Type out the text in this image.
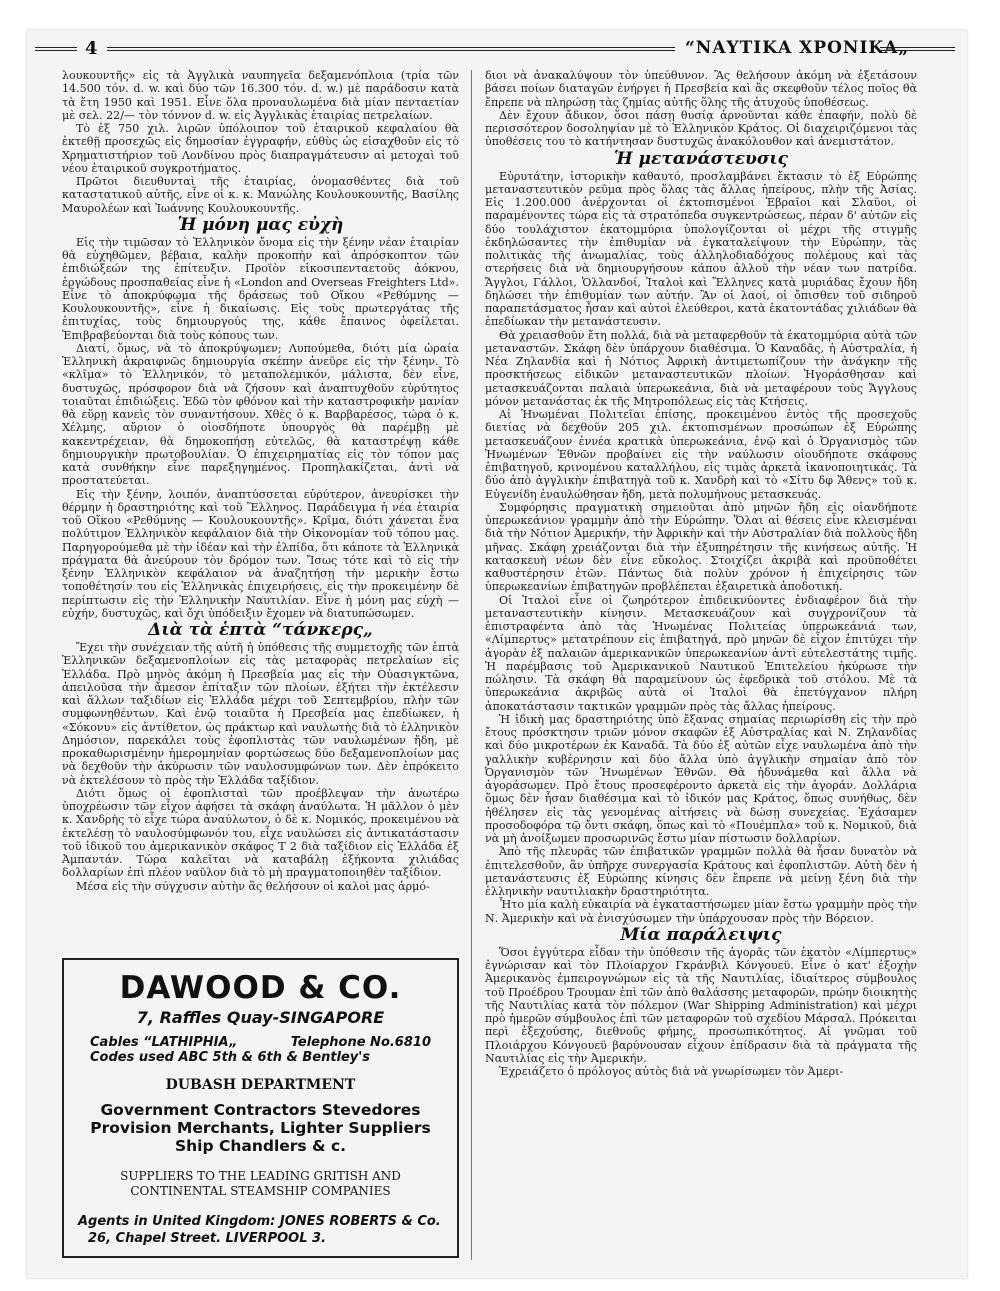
4	“ΝΑΥΤΙΚΑ ΧΡΟΝΙΚΑ„

λουκουντῆς» εἰς τὰ Ἀγγλικὰ ναυπηγεῖα δεξαμενόπλοια (τρία τῶν 14.500 τόν. d. w. καὶ δύο τῶν 16.300 τόν. d. w.) μὲ παράδοσιν κατὰ τὰ ἔτη 1950 καὶ 1951. Εἶνε ὅλα προναυλωμένα διὰ μίαν πενταετίαν μὲ σελ. 22/— τὸν τόννον d. w. εἰς Ἀγγλικὰς ἑταιρίας πετρελαίων.

Τὸ ἐξ 750 χιλ. λιρῶν ὑπόλοιπον τοῦ ἑταιρικοῦ κεφαλαίου θὰ ἐκτεθῇ προσεχῶς εἰς δημοσίαν ἐγγραφήν, εὐθὺς ὡς εἰσαχθοῦν εἰς τὸ Χρηματιστήριον τοῦ Λονδίνου πρὸς διαπραγμάτευσιν αἱ μετοχαὶ τοῦ νέου ἑταιρικοῦ συγκροτήματος.

Πρῶτοι διευθυνταὶ τῆς ἑταιρίας, ὀνομασθέντες διὰ τοῦ καταστατικοῦ αὐτῆς, εἶνε οἱ κ. κ. Μανώλης Κουλουκουντῆς, Βασίλης Μαυρολέων καὶ Ἰωάννης Κουλουκουντῆς.

Ἡ μόνη μας εὐχὴ

Εἰς τὴν τιμῶσαν τὸ Ἑλληνικὸν ὄνομα εἰς τὴν ξένην νέαν ἑταιρίαν θὰ εὐχηθῶμεν, βέβαια, καλὴν προκοπὴν καὶ ἀπρόσκοπτον τῶν ἐπιδιώξεών της ἐπίτευξιν. Προϊὸν εἰκοσιπενταετοῦς ἀόκνου, ἐργώδους προσπαθείας εἶνε ἡ «London and Overseas Freighters Ltd». Εἶνε τὸ ἀποκρύφωμα τῆς δράσεως τοῦ Οἴκου «Ρεθύμνης — Κουλουκουντῆς», εἶνε ἡ δικαίωσις. Εἰς τοὺς πρωτεργάτας τῆς ἐπιτυχίας, τοὺς δημιουργούς της, κάθε ἔπαινος ὀφείλεται. Ἐπιβραβεύονται διὰ τοὺς κόπους των.

Διατί, ὅμως, νὰ τὸ ἀποκρύψωμεν; Λυπούμεθα, διότι μία ὡραία Ἑλληνικὴ ἀκραιφνῶς δημιουργία σκέπην ἀνεῦρε εἰς τὴν ξένην. Τὸ «κλῖμα» τὸ Ἑλληνικόν, τὸ μεταπολεμικόν, μάλιστα, δὲν εἶνε, δυστυχῶς, πρόσφορον διὰ νὰ ζήσουν καὶ ἀναπτυχθοῦν εὐρύτητος τοιαῦται ἐπιδιώξεις. Ἐδῶ τὸν φθόνον καὶ τὴν καταστροφικὴν μανίαν θὰ εὕρῃ κανεὶς τὸν συναντήσουν. Χθὲς ὁ κ. Βαρβαρέσος, τώρα ὁ κ. Χέλμης, αὔριον ὁ οἱοσδήποτε ὑπουργὸς θὰ παρέμβῃ μὲ κακεντρέχειαν, θὰ δημοκοπήσῃ εὐτελῶς, θὰ καταστρέψῃ κάθε δημιουργικὴν πρωτοβουλίαν. Ὁ ἐπιχειρηματίας εἰς τὸν τόπον μας κατὰ συνθήκην εἶνε παρεξηγημένος. Προπηλακίζεται, ἀντὶ νὰ προστατεύεται.

Εἰς τὴν ξένην, λοιπόν, ἀναπτύσσεται εὐρύτερον, ἀνευρίσκει τὴν θέρμην ἡ δραστηριότης καὶ τοῦ Ἕλληνος. Παράδειγμα ἡ νέα ἑταιρία τοῦ Οἴκου «Ρεθύμνης — Κουλουκουντῆς». Κρῖμα, διότι χάνεται ἕνα πολύτιμον Ἑλληνικὸν κεφάλαιον διὰ τὴν Οἰκονομίαν τοῦ τόπου μας. Παρηγορούμεθα μὲ τὴν ἰδέαν καὶ τὴν ἐλπίδα, ὅτι κάποτε τὰ Ἑλληνικὰ πράγματα θὰ ἀνεύρουν τὸν δρόμον των. Ἴσως τότε καὶ τὸ εἰς τὴν ξένην Ἑλληνικὸν κεφάλαιον νὰ ἀναζητήσῃ τὴν μερικὴν ἔστω τοποθέτησίν του εἰς Ἑλληνικὰς ἐπιχειρήσεις, εἰς τὴν προκειμένην δὲ περίπτωσιν εἰς τὴν Ἑλληνικὴν Ναυτιλίαν. Εἶνε ἡ μόνη μας εὐχὴ — εὐχήν, δυστυχῶς, καὶ ὄχι ὑπόδειξιν ἔχομεν νὰ διατυπώσωμεν.

Διὰ τὰ ἑπτὰ “τάνκερς„

Ἔχει τὴν συνέχειαν τῆς αὐτῆ ἡ ὑπόθεσις τῆς συμμετοχῆς τῶν ἑπτὰ Ἑλληνικῶν δεξαμενοπλοίων εἰς τὰς μεταφορὰς πετρελαίων εἰς Ἑλλάδα. Πρὸ μηνὸς ἀκόμη ἡ Πρεσβεία μας εἰς τὴν Οὐασιγκτῶνα, ἀπειλοῦσα τὴν ἄμεσον ἐπίταξιν τῶν πλοίων, ἐξήτει τὴν ἐκτέλεσιν καὶ ἄλλων ταξιδίων εἰς Ἑλλάδα μέχρι τοῦ Σεπτεμβρίου, πλὴν τῶν συμφωνηθέντων. Καὶ ἐνῷ τοιαῦτα ἡ Πρεσβεία μας ἐπεδίωκεν, ἡ «Σόκονυ» εἰς ἀντίθετον, ὡς πράκτωρ καὶ ναυλωτὴς διὰ τὸ ἑλληνικὸν Δημόσιον, παρεκάλει τοὺς ἐφοπλιστὰς τῶν ναυλωμένων ἤδη, μὲ προκαθωρισμένην ἡμερομηνίαν φορτώσεως δύο δεξαμενοπλοίων μας νὰ δεχθοῦν τὴν ἀκύρωσιν τῶν ναυλοσυμφώνων των. Δὲν ἐπρόκειτο νὰ ἐκτελέσουν τὸ πρὸς τὴν Ἑλλάδα ταξίδιον.

Διότι ὅμως οἱ ἐφοπλισταὶ τῶν προέβλεψαν τὴν ἀνωτέρω ὑποχρέωσιν τῶν εἶχον ἀφήσει τὰ σκάφη ἀναύλωτα. Ἡ μᾶλλον ὁ μὲν κ. Χανδρὴς τὸ εἶχε τώρα ἀναύλωτον, ὁ δὲ κ. Νομικός, προκειμένου νὰ ἐκτελέσῃ τὸ ναυλοσύμφωνόν του, εἶχε ναυλώσει εἰς ἀντικατάστασιν τοῦ ἰδικοῦ του ἀμερικανικὸν σκάφος Τ 2 διὰ ταξίδιον εἰς Ἑλλάδα ἐξ Ἀμπαντάν. Τώρα καλεῖται νὰ καταβάλῃ ἑξήκοντα χιλιάδας δολλαρίων ἐπὶ πλέον ναῦλον διὰ τὸ μὴ πραγματοποιηθὲν ταξίδιον.

Μέσα εἰς τὴν σύγχυσιν αὐτὴν ἂς θελήσουν οἱ καλοὶ μας ἁρμό-

DAWOOD & CO.
7, Raffles Quay-SINGAPORE
Cables “LATHIPHIA„	Telephone No.6810
Codes used ABC 5th & 6th & Bentley's
DUBASH DEPARTMENT
Government Contractors Stevedores
Provision Merchants, Lighter Suppliers
Ship Chandlers & c.
SUPPLIERS TO THE LEADING GRITISH AND
CONTINENTAL STEAMSHIP COMPANIES
Agents in United Kingdom: JONES ROBERTS & Co.
26, Chapel Street. LIVERPOOL 3.

διοι νὰ ἀνακαλύψουν τὸν ὑπεύθυνον. Ἂς θελήσουν ἀκόμη νὰ ἐξετάσουν βάσει ποίων διαταγῶν ἐνήργει ἡ Πρεσβεία καὶ ἂς σκεφθοῦν τέλος ποῖος θὰ ἔπρεπε νὰ πληρώσῃ τὰς ζημίας αὐτῆς ὅλης τῆς ἀτυχοῦς ὑποθέσεως.

Δὲν ἔχουν ἄδικον, ὅσοι πάσῃ θυσίᾳ ἀρνοῦνται κάθε ἐπαφήν, πολὺ δὲ περισσότερον δοσοληψίαν μὲ τὸ Ἑλληνικὸν Κράτος. Οἱ διαχειριζόμενοι τὰς ὑποθέσεις του τὸ κατήντησαν δυστυχῶς ἀνακόλουθον καὶ ἀνεμιστάτον.

Ἡ μετανάστευσις

Εὐρυτάτην, ἱστορικὴν καθαυτό, προσλαμβάνει ἔκτασιν τὸ ἐξ Εὐρώπης μεταναστευτικὸν ρεῦμα πρὸς ὅλας τὰς ἄλλας ἠπείρους, πλὴν τῆς Ἀσίας. Εἰς 1.200.000 ἀνέρχονται οἱ ἐκτοπισμένοι Ἑβραῖοι καὶ Σλαῦοι, οἱ παραμένοντες τώρα εἰς τὰ στρατόπεδα συγκεντρώσεως, πέραν δ' αὐτῶν εἰς δύο τουλάχιστον ἑκατομμύρια ὑπολογίζονται οἱ μέχρι τῆς στιγμῆς ἐκδηλώσαντες τὴν ἐπιθυμίαν νὰ ἐγκαταλείψουν τὴν Εὐρώπην, τὰς πολιτικὰς τῆς ἀνωμαλίας, τοὺς ἀλληλοδιαδόχους πολέμους καὶ τὰς στερήσεις διὰ νὰ δημιουργήσουν κάπου ἀλλοῦ τὴν νέαν των πατρίδα. Ἄγγλοι, Γάλλοι, Ὁλλανδοί, Ἰταλοὶ καὶ Ἕλληνες κατὰ μυριάδας ἔχουν ἤδη δηλώσει τὴν ἐπιθυμίαν των αὐτήν. Ἂν οἱ λαοί, οἱ ὄπισθεν τοῦ σιδηροῦ παραπετάσματος ἦσαν καὶ αὐτοὶ ἐλεύθεροι, κατὰ ἑκατοντάδας χιλιάδων θὰ ἐπεδίωκαν τὴν μετανάστευσιν.

Θὰ χρειασθοῦν ἔτη πολλά, διὰ νὰ μεταφερθοῦν τὰ ἑκατομμύρια αὐτὰ τῶν μεταναστῶν. Σκάφη δὲν ὑπάρχουν διαθέσιμα. Ὁ Καναδᾶς, ἡ Αὐστραλία, ἡ Νέα Ζηλανδία καὶ ἡ Νότιος Ἀφρικὴ ἀντιμετωπίζουν τὴν ἀνάγκην τῆς προσκτήσεως εἰδικῶν μεταναστευτικῶν πλοίων. Ἠγοράσθησαν καὶ μετασκευάζονται παλαιὰ ὑπερωκεάνια, διὰ νὰ μεταφέρουν τοὺς Ἄγγλους μόνον μετανάστας ἐκ τῆς Μητροπόλεως εἰς τὰς Κτήσεις.

Αἱ Ἡνωμέναι Πολιτεῖαι ἐπίσης, προκειμένου ἐντὸς τῆς προσεχοῦς διετίας νὰ δεχθοῦν 205 χιλ. ἐκτοπισμένων προσώπων ἐξ Εὐρώπης μετασκευάζουν ἐννέα κρατικὰ ὑπερωκεάνια, ἐνῷ καὶ ὁ Ὀργανισμὸς τῶν Ἡνωμένων Ἐθνῶν προβαίνει εἰς τὴν ναύλωσιν οἱουδήποτε σκάφους ἐπιβατηγοῦ, κρινομένου καταλλήλου, εἰς τιμὰς ἀρκετὰ ἱκανοποιητικάς. Τὰ δύο ἀπὸ ἀγγλικὴν ἐπιβατηγὰ τοῦ κ. Χανδρὴ καὶ τὸ «Σίτυ δφ Ἄθενς» τοῦ κ. Εὐγενίδη ἐναυλώθησαν ἤδη, μετὰ πολυμήνους μετασκευάς.

Συμφόρησις πραγματικὴ σημειοῦται ἀπὸ μηνῶν ἤδη εἰς οἱανδήποτε ὑπερωκεάνιον γραμμὴν ἀπὸ τὴν Εὐρώπην. Ὅλαι αἱ θέσεις εἶνε κλεισμέναι διὰ τὴν Νότιον Ἀμερικήν, τὴν Ἀφρικὴν καὶ τὴν Αὐστραλίαν διὰ πολλοὺς ἤδη μῆνας. Σκάφη χρειάζονται διὰ τὴν ἐξυπηρέτησιν τῆς κινήσεως αὐτῆς. Ἡ κατασκευὴ νέων δὲν εἶνε εὔκολος. Στοιχίζει ἀκριβὰ καὶ προϋποθέτει καθυστέρησιν ἐτῶν. Πάντως διὰ πολὺν χρόνον ἡ ἐπιχείρησις τῶν ὑπερωκεανίων ἐπιβατηγῶν προβλέπεται ἐξαιρετικὰ ἀποδοτική.

Οἱ Ἰταλοὶ εἶνε οἱ ζωηρότερον ἐπιδεικνύοντες ἐνδιαφέρον διὰ τὴν μεταναστευτικὴν κίνησιν. Μετασκευάζουν καὶ συγχρονίζουν τὰ ἐπιστραφέντα ἀπὸ τὰς Ἡνωμένας Πολιτείας ὑπερωκεάνιά των, «Λίμπερτυς» μετατρέπουν εἰς ἐπιβατηγά, πρὸ μηνῶν δὲ εἶχον ἐπιτύχει τὴν ἀγορὰν ἐξ παλαιῶν ἀμερικανικῶν ὑπερωκεανίων ἀντὶ εὐτελεστάτης τιμῆς. Ἡ παρέμβασις τοῦ Ἀμερικανικοῦ Ναυτικοῦ Ἐπιτελείου ἠκύρωσε τὴν πώλησιν. Τὰ σκάφη θὰ παραμείνουν ὡς ἐφεδρικὰ τοῦ στόλου. Μὲ τὰ ὑπερωκεάνια ἀκριβῶς αὐτὰ οἱ Ἰταλοὶ θὰ ἐπετύγχανον πλήρη ἀποκατάστασιν τακτικῶν γραμμῶν πρὸς τὰς ἄλλας ἠπείρους.

Ἡ ἰδικὴ μας δραστηριότης ὑπὸ ἔξανας σημαίας περιωρίσθη εἰς τὴν πρὸ ἔτους πρόσκτησιν τριῶν μόνον σκαφῶν ἐξ Αὐστραλίας καὶ Ν. Ζηλανδίας καὶ δύο μικροτέρων ἐκ Καναδᾶ. Τὰ δύο ἐξ αὐτῶν εἶχε ναυλωμένα ἀπὸ τὴν γαλλικὴν κυβέρνησιν καὶ δύο ἄλλα ὑπὸ ἀγγλικὴν σημαίαν ἀπὸ τὸν Ὀργανισμὸν τῶν Ἡνωμένων Ἐθνῶν. Θὰ ἠδυνάμεθα καὶ ἄλλα νὰ ἀγοράσωμεν. Πρὸ ἔτους προσεφέροντο ἀρκετὰ εἰς τὴν ἀγοράν. Δολλάρια ὅμως δὲν ἦσαν διαθέσιμα καὶ τὸ ἰδικόν μας Κράτος, ὅπως συνήθως, δὲν ἠθέλησεν εἰς τὰς γενομένας αἰτήσεις νὰ δώσῃ συνεχείας. Ἐχάσαμεν προσοδοφόρα τῷ ὄντι σκάφη, ὅπως καὶ τὸ «Πουέμπλα» τοῦ κ. Νομικοῦ, διὰ νὰ μὴ ἀνοίξωμεν προσωρινῶς ἔστω μίαν πίστωσιν δολλαρίων.

Ἀπὸ τῆς πλευρᾶς τῶν ἐπιβατικῶν γραμμῶν πολλὰ θὰ ἦσαν δυνατὸν νὰ ἐπιτελεσθοῦν, ἂν ὑπῆρχε συνεργασία Κράτους καὶ ἐφοπλιστῶν. Αὐτὴ δὲν ἡ μετανάστευσις ἐξ Εὐρώπης κίνησις δὲν ἔπρεπε νὰ μείνῃ ξένη διὰ τὴν ἑλληνικὴν ναυτιλιακὴν δραστηριότητα.

Ἦτο μία καλὴ εὐκαιρία νὰ ἐγκαταστήσωμεν μίαν ἔστω γραμμὴν πρὸς τὴν Ν. Ἀμερικὴν καὶ νὰ ἐνισχύσωμεν τὴν ὑπάρχουσαν πρὸς τὴν Βόρειον.

Μία παράλειψις

Ὅσοι ἐγγύτερα εἶδαν τὴν ὑπόθεσιν τῆς ἀγορᾶς τῶν ἑκατὸν «Λίμπερτυς» ἐγνώρισαν καὶ τὸν Πλοίαρχον Γκράνβιλ Κόνγουεϋ. Εἶνε ὁ κατ' ἐξοχὴν Ἀμερικανὸς ἐμπειρογνώμων εἰς τὰ τῆς Ναυτιλίας, ἰδιαίτερος σύμβουλος τοῦ Προέδρου Τρουμαν ἐπὶ τῶν ἀπὸ θαλάσσης μεταφορῶν, πρώην διοικητὴς τῆς Ναυτιλίας κατὰ τὸν πόλεμον (War Shipping Administration) καὶ μέχρι πρὸ ἡμερῶν σύμβουλος ἐπὶ τῶν μεταφορῶν τοῦ σχεδίου Μάρσαλ. Πρόκειται περὶ ἐξεχούσης, διεθνοῦς φήμης, προσωπικότητος. Αἱ γνῶμαι τοῦ Πλοιάρχου Κόνγουεϋ βαρύνουσαν εἶχουν ἐπίδρασιν διὰ τὰ πράγματα τῆς Ναυτιλίας εἰς τὴν Ἀμερικήν.

Ἐχρειάζετο ὁ πρόλογος αὐτὸς διὰ νὰ γνωρίσωμεν τὸν Ἀμερι-
